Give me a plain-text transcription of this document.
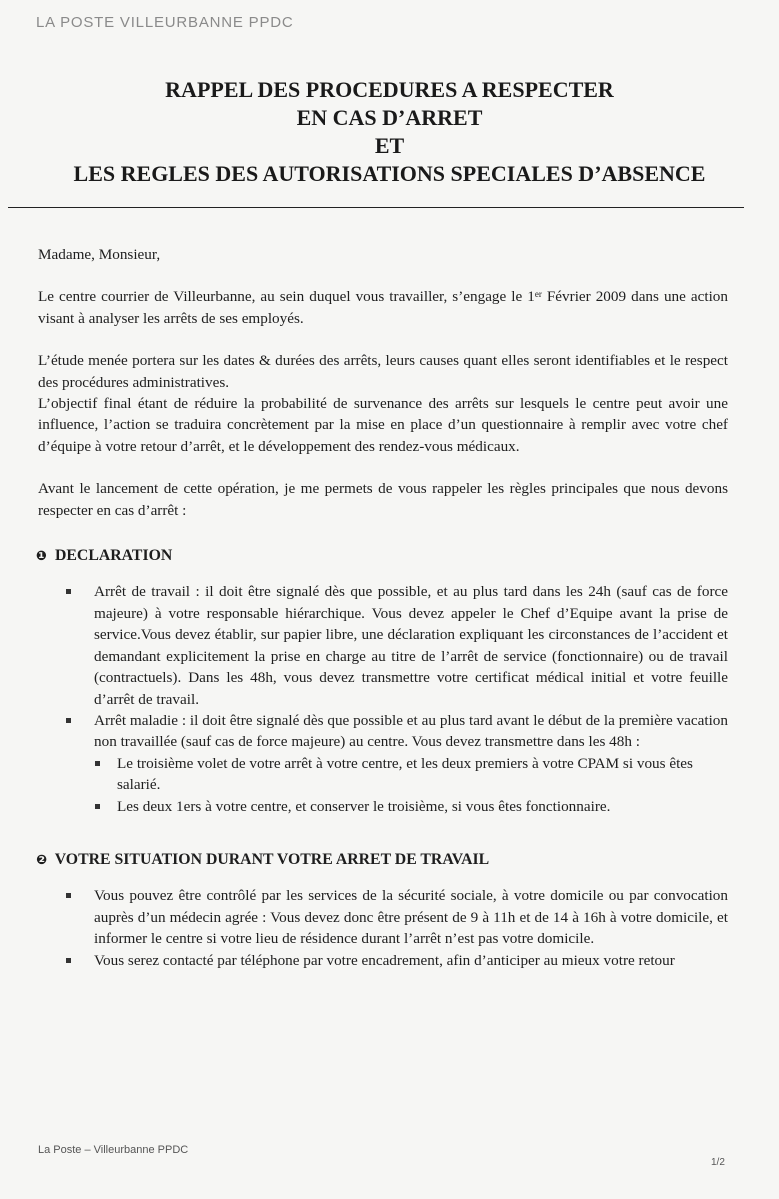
LA POSTE VILLEURBANNE PPDC
RAPPEL DES PROCEDURES A RESPECTER
EN CAS D’ARRET
ET
LES REGLES DES AUTORISATIONS SPECIALES D’ABSENCE

Madame, Monsieur,

Le centre courrier de Villeurbanne, au sein duquel vous travailler, s’engage le 1er Février 2009 dans une action visant à analyser les arrêts de ses employés.

L’étude menée portera sur les dates & durées des arrêts, leurs causes quant elles seront identifiables et le respect des procédures administratives.

L’objectif final étant de réduire la probabilité de survenance des arrêts sur lesquels le centre peut avoir une influence, l’action se traduira concrètement par la mise en place d’un questionnaire à remplir avec votre chef d’équipe à votre retour d’arrêt, et le développement des rendez-vous médicaux.

Avant le lancement de cette opération, je me permets de vous rappeler les règles principales que nous devons respecter en cas d’arrêt :

❶ DECLARATION
Arrêt de travail : il doit être signalé dès que possible, et au plus tard dans les 24h (sauf cas de force majeure) à votre responsable hiérarchique. Vous devez appeler le Chef d’Equipe avant la prise de service.Vous devez établir, sur papier libre, une déclaration expliquant les circonstances de l’accident et demandant explicitement la prise en charge au titre de l’arrêt de service (fonctionnaire) ou de travail (contractuels). Dans les 48h, vous devez transmettre votre certificat médical initial et votre feuille d’arrêt de travail.
Arrêt maladie : il doit être signalé dès que possible et au plus tard avant le début de la première vacation non travaillée (sauf cas de force majeure) au centre. Vous devez transmettre dans les 48h :
Le troisième volet de votre arrêt à votre centre, et les deux premiers à votre CPAM si vous êtes salarié.
Les deux 1ers à votre centre, et conserver le troisième, si vous êtes fonctionnaire.
❷ VOTRE SITUATION DURANT VOTRE ARRET DE TRAVAIL
Vous pouvez être contrôlé par les services de la sécurité sociale, à votre domicile ou par convocation auprès d’un médecin agrée : Vous devez donc être présent de 9 à 11h et de 14 à 16h à votre domicile, et informer le centre si votre lieu de résidence durant l’arrêt n’est pas votre domicile.
Vous serez contacté par téléphone par votre encadrement, afin d’anticiper au mieux votre retour
La Poste – Villeurbanne PPDC
1/2
